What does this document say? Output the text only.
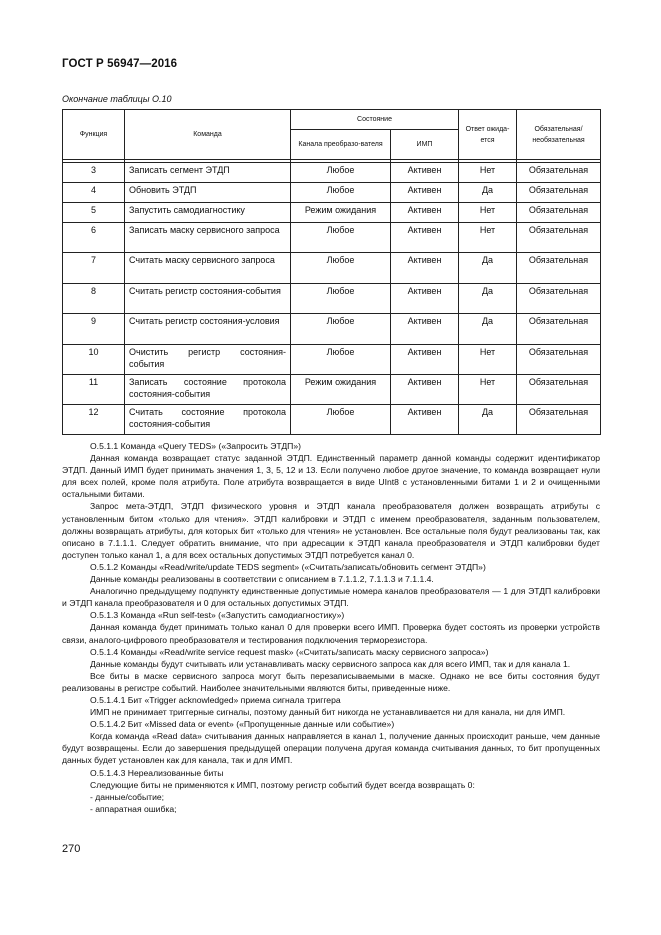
ГОСТ Р 56947—2016
Окончание таблицы О.10
Функция	Команда	Состояние		Ответ ожида-ется	Обязательная/ необязательная
		Канала преобразо-вателя	ИМП		

3	Записать сегмент ЭТДП	Любое	Активен	Нет	Обязательная
4	Обновить ЭТДП	Любое	Активен	Да	Обязательная
5	Запустить самодиагностику	Режим ожидания	Активен	Нет	Обязательная
6	Записать маску сервисного запроса	Любое	Активен	Нет	Обязательная
7	Считать маску сервисного запроса	Любое	Активен	Да	Обязательная
8	Считать регистр состояния-события	Любое	Активен	Да	Обязательная
9	Считать регистр состояния-условия	Любое	Активен	Да	Обязательная
10	Очистить регистр состояния-события	Любое	Активен	Нет	Обязательная
11	Записать состояние протокола состояния-события	Режим ожидания	Активен	Нет	Обязательная
12	Считать состояние протокола состояния-события	Любое	Активен	Да	Обязательная

О.5.1.1 Команда «Query TEDS» («Запросить ЭТДП»)

Данная команда возвращает статус заданной ЭТДП. Единственный параметр данной команды содержит идентификатор ЭТДП. Данный ИМП будет принимать значения 1, 3, 5, 12 и 13. Если получено любое другое значение, то команда возвращает нули для всех полей, кроме поля атрибута. Поле атрибута возвращается в виде UInt8 с установленными битами 1 и 2 и очищенными остальными битами.

Запрос мета-ЭТДП, ЭТДП физического уровня и ЭТДП канала преобразователя должен возвращать атрибуты с установленным битом «только для чтения». ЭТДП калибровки и ЭТДП с именем преобразователя, заданным пользователем, должны возвращать атрибуты, для которых бит «только для чтения» не установлен. Все остальные поля будут реализованы так, как описано в 7.1.1.1. Следует обратить внимание, что при адресации к ЭТДП канала преобразователя и ЭТДП калибровки будет доступен только канал 1, а для всех остальных допустимых ЭТДП потребуется канал 0.

О.5.1.2 Команды «Read/write/update TEDS segment» («Считать/записать/обновить сегмент ЭТДП»)

Данные команды реализованы в соответствии с описанием в 7.1.1.2, 7.1.1.3 и 7.1.1.4.

Аналогично предыдущему подпункту единственные допустимые номера каналов преобразователя — 1 для ЭТДП калибровки и ЭТДП канала преобразователя и 0 для остальных допустимых ЭТДП.

О.5.1.3 Команда «Run self-test» («Запустить самодиагностику»)

Данная команда будет принимать только канал 0 для проверки всего ИМП. Проверка будет состоять из проверки устройств связи, аналого-цифрового преобразователя и тестирования подключения терморезистора.

О.5.1.4 Команды «Read/write service request mask» («Считать/записать маску сервисного запроса»)

Данные команды будут считывать или устанавливать маску сервисного запроса как для всего ИМП, так и для канала 1.

Все биты в маске сервисного запроса могут быть перезаписываемыми в маске. Однако не все биты состояния будут реализованы в регистре событий. Наиболее значительными являются биты, приведенные ниже.

О.5.1.4.1 Бит «Trigger acknowledged» приема сигнала триггера

ИМП не принимает триггерные сигналы, поэтому данный бит никогда не устанавливается ни для канала, ни для ИМП.

О.5.1.4.2 Бит «Missed data or event» («Пропущенные данные или событие»)

Когда команда «Read data» считывания данных направляется в канал 1, получение данных происходит раньше, чем данные будут возвращены. Если до завершения предыдущей операции получена другая команда считывания данных, то бит пропущенных данных будет установлен как для канала, так и для ИМП.

О.5.1.4.3 Нереализованные биты

Следующие биты не применяются к ИМП, поэтому регистр событий будет всегда возвращать 0:

- данные/событие;

- аппаратная ошибка;

270
